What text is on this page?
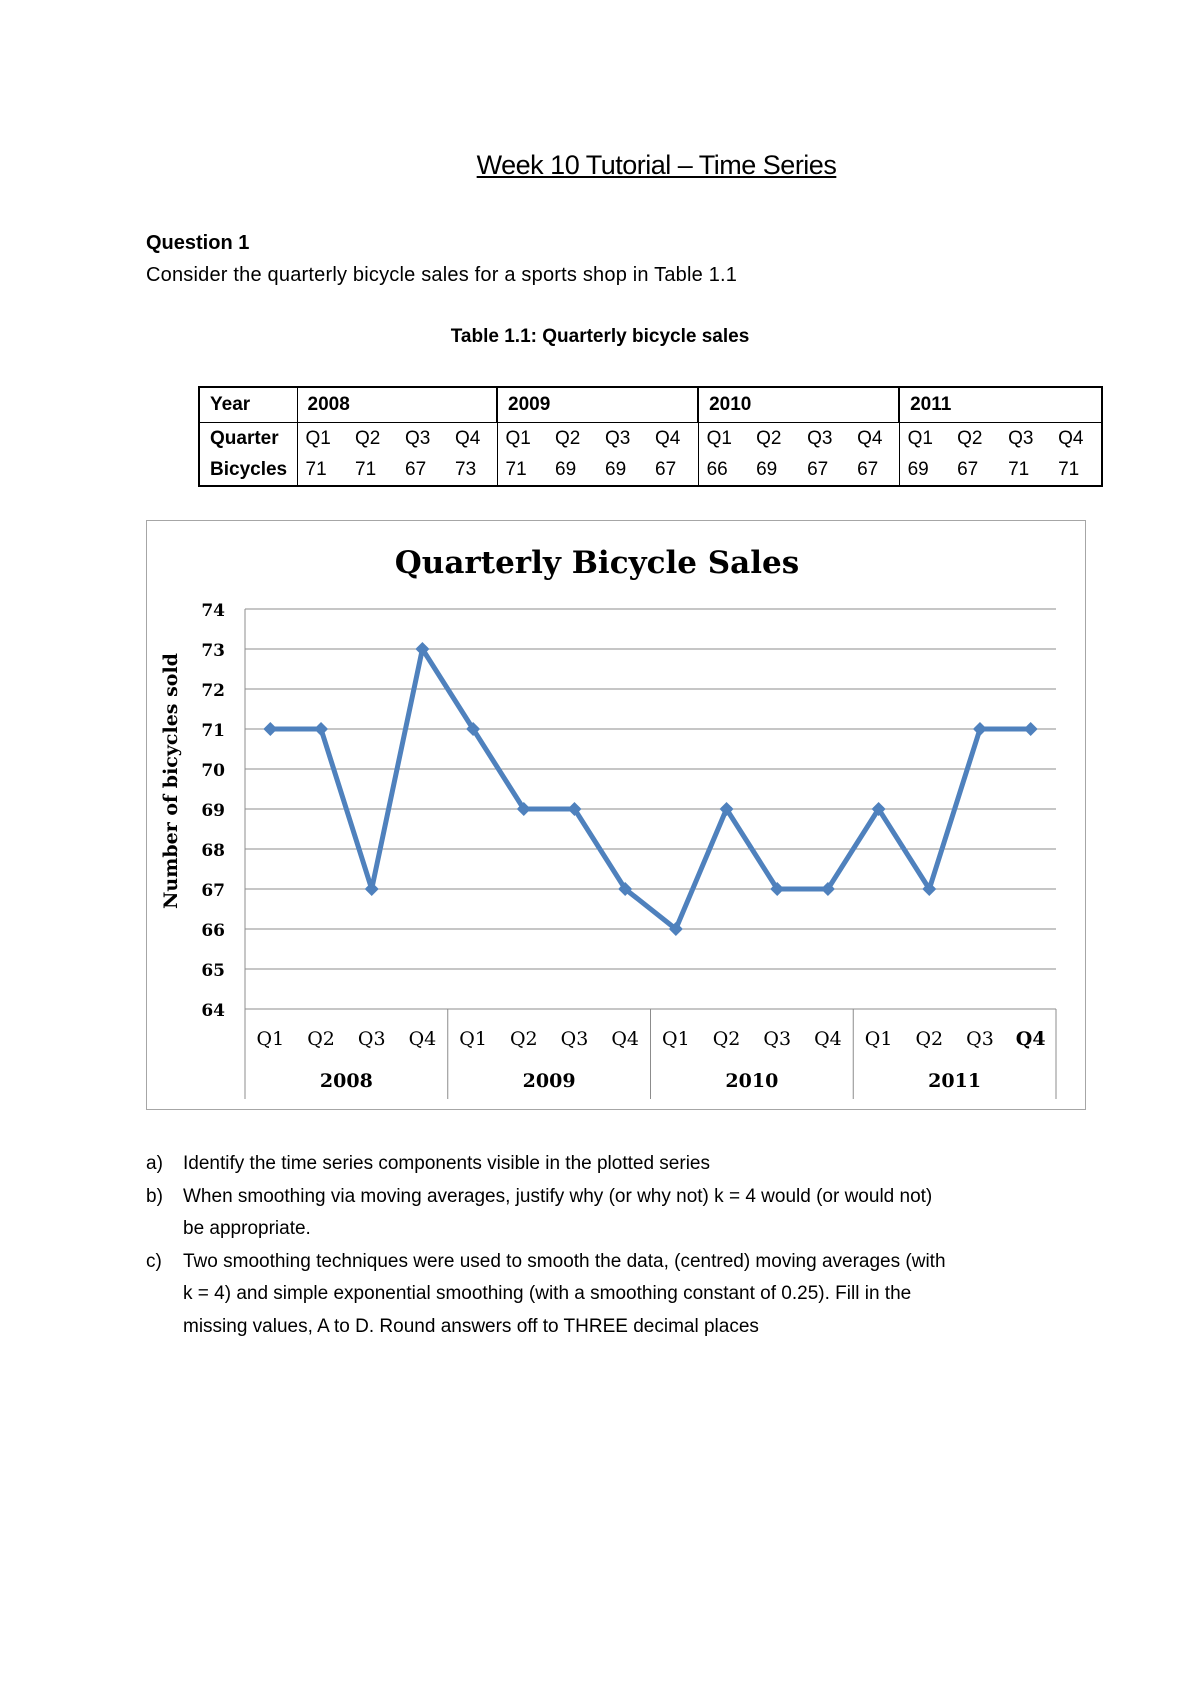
Week 10 Tutorial – Time Series
Question 1
Consider the quarterly bicycle sales for a sports shop in Table 1.1
Table 1.1: Quarterly bicycle sales
Year	2008				2009				2010				2011			
Quarter	Q1	Q2	Q3	Q4	Q1	Q2	Q3	Q4	Q1	Q2	Q3	Q4	Q1	Q2	Q3	Q4
Bicycles	71	71	67	73	71	69	69	67	66	69	67	67	69	67	71	71
Quarterly Bicycle Sales
Number of bicycles sold
74
73
72
71
70
69
68
67
66
65
64
Q1 Q2 Q3 Q4 Q1 Q2 Q3 Q4 Q1 Q2 Q3 Q4 Q1 Q2 Q3 Q4
2008	2009	2010	2011
a) Identify the time series components visible in the plotted series
b) When smoothing via moving averages, justify why (or why not) k = 4 would (or would not) be appropriate.
c) Two smoothing techniques were used to smooth the data, (centred) moving averages (with k = 4) and simple exponential smoothing (with a smoothing constant of 0.25). Fill in the missing values, A to D. Round answers off to THREE decimal places
